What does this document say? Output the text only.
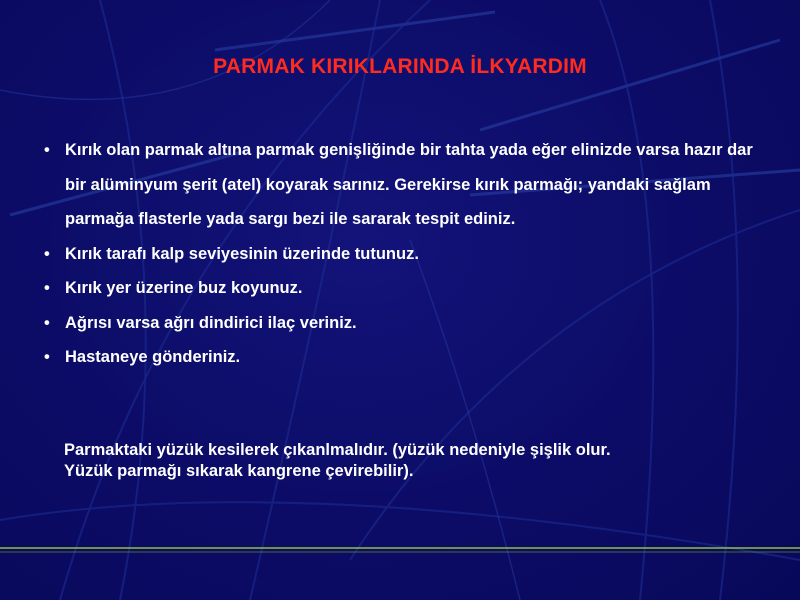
PARMAK KIRIKLARINDA İLKYARDIM
• Kırık olan parmak altına parmak genişliğinde bir tahta yada eğer elinizde varsa hazır dar bir alüminyum şerit (atel) koyarak sarınız. Gerekirse kırık parmağı; yandaki sağlam parmağa flasterle yada sargı bezi ile sararak tespit ediniz.
• Kırık tarafı kalp seviyesinin üzerinde tutunuz.
• Kırık yer üzerine buz koyunuz.
• Ağrısı varsa ağrı dindirici ilaç veriniz.
• Hastaneye gönderiniz.
Parmaktaki yüzük kesilerek çıkanlmalıdır. (yüzük nedeniyle şişlik olur.
Yüzük parmağı sıkarak kangrene çevirebilir).
